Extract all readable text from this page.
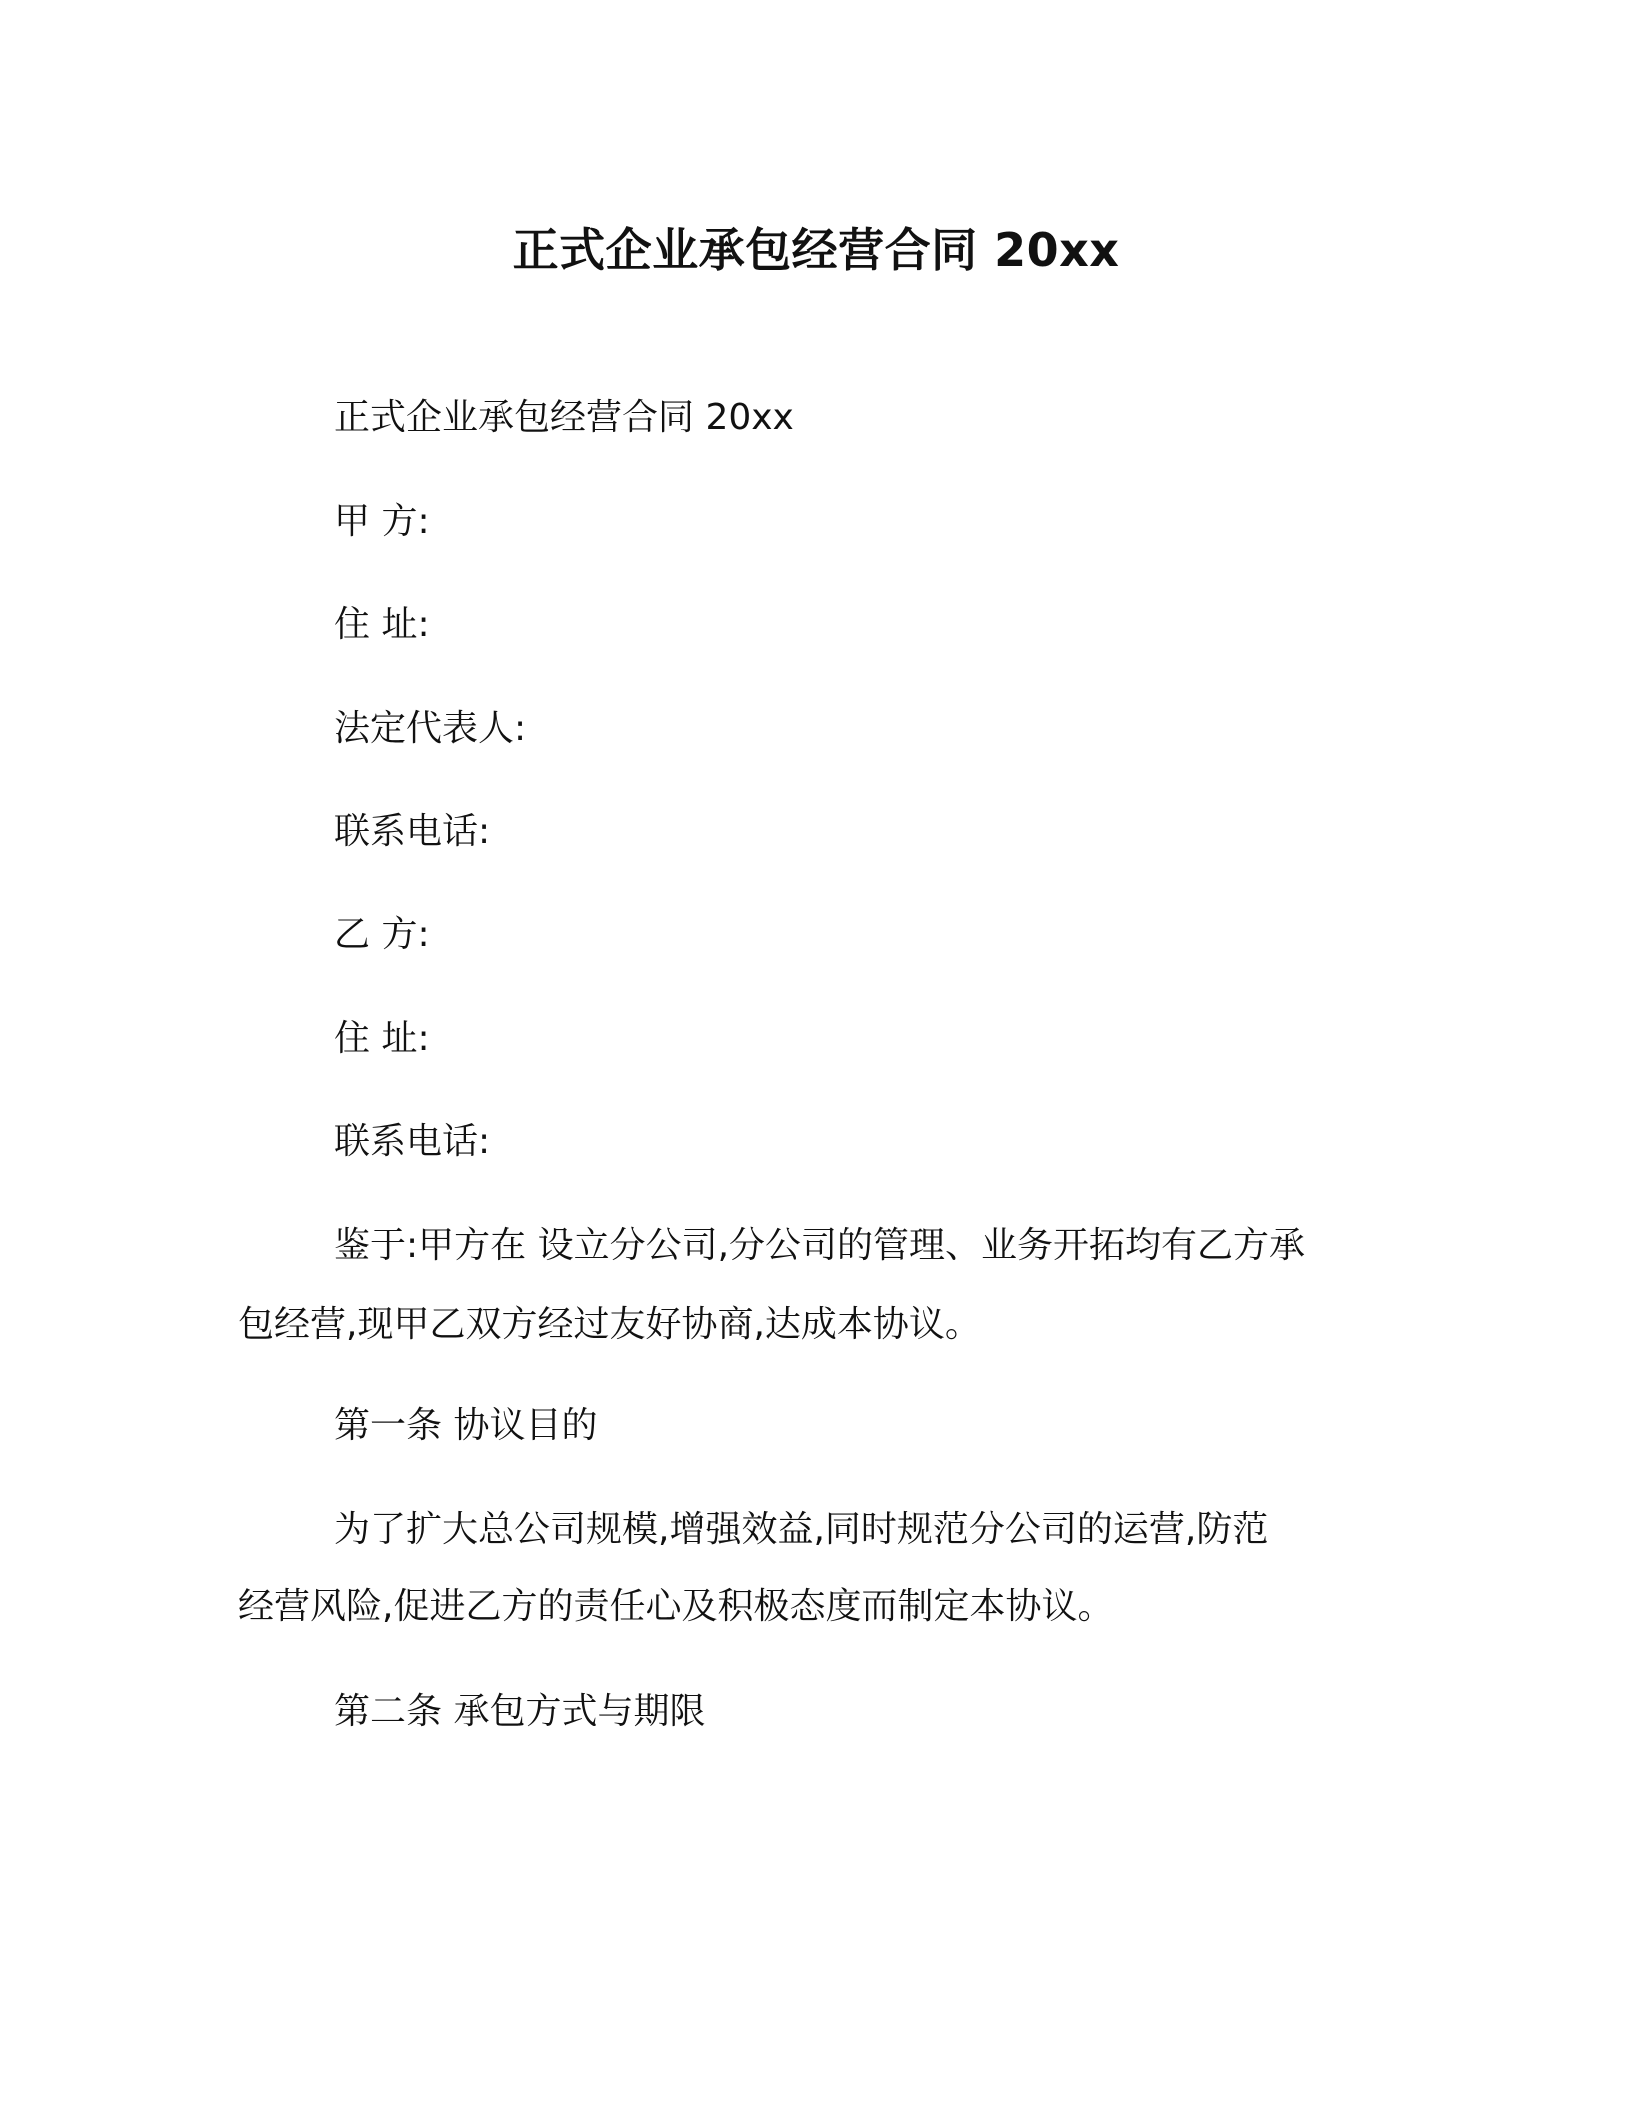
正式企业承包经营合同 20xx
正式企业承包经营合同 20xx
甲 方:
住 址:
法定代表人:
联系电话:
乙 方:
住 址:
联系电话:
鉴于:甲方在 设立分公司,分公司的管理、业务开拓均有乙方承
包经营,现甲乙双方经过友好协商,达成本协议。
第一条 协议目的
为了扩大总公司规模,增强效益,同时规范分公司的运营,防范
经营风险,促进乙方的责任心及积极态度而制定本协议。
第二条 承包方式与期限
